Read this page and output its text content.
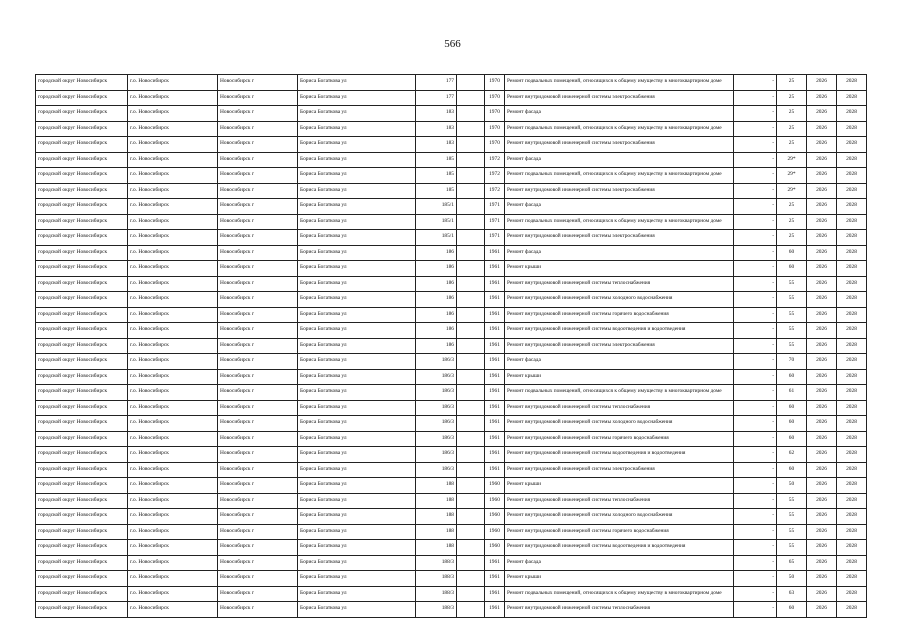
566
городской округ Новосибирск	г.о. Новосибирск	Новосибирск г	Бориса Богаткова ул	177		1970	Ремонт подвальных помещений, относящихся к общему имуществу в многоквартирном доме	-	25	2026	2028
городской округ Новосибирск	г.о. Новосибирск	Новосибирск г	Бориса Богаткова ул	177		1970	Ремонт внутридомовой инженерной системы электроснабжения	-	25	2026	2028
городской округ Новосибирск	г.о. Новосибирск	Новосибирск г	Бориса Богаткова ул	183		1970	Ремонт фасада	-	25	2026	2028
городской округ Новосибирск	г.о. Новосибирск	Новосибирск г	Бориса Богаткова ул	183		1970	Ремонт подвальных помещений, относящихся к общему имуществу в многоквартирном доме	-	25	2026	2028
городской округ Новосибирск	г.о. Новосибирск	Новосибирск г	Бориса Богаткова ул	183		1970	Ремонт внутридомовой инженерной системы электроснабжения	-	25	2026	2028
городской округ Новосибирск	г.о. Новосибирск	Новосибирск г	Бориса Богаткова ул	185		1972	Ремонт фасада	-	29*	2026	2028
городской округ Новосибирск	г.о. Новосибирск	Новосибирск г	Бориса Богаткова ул	185		1972	Ремонт подвальных помещений, относящихся к общему имуществу в многоквартирном доме	-	29*	2026	2028
городской округ Новосибирск	г.о. Новосибирск	Новосибирск г	Бориса Богаткова ул	185		1972	Ремонт внутридомовой инженерной системы электроснабжения	-	29*	2026	2028
городской округ Новосибирск	г.о. Новосибирск	Новосибирск г	Бориса Богаткова ул	185/1		1971	Ремонт фасада	-	25	2026	2028
городской округ Новосибирск	г.о. Новосибирск	Новосибирск г	Бориса Богаткова ул	185/1		1971	Ремонт подвальных помещений, относящихся к общему имуществу в многоквартирном доме	-	25	2026	2028
городской округ Новосибирск	г.о. Новосибирск	Новосибирск г	Бориса Богаткова ул	185/1		1971	Ремонт внутридомовой инженерной системы электроснабжения	-	25	2026	2028
городской округ Новосибирск	г.о. Новосибирск	Новосибирск г	Бориса Богаткова ул	186		1961	Ремонт фасада	-	60	2026	2028
городской округ Новосибирск	г.о. Новосибирск	Новосибирск г	Бориса Богаткова ул	186		1961	Ремонт крыши	-	60	2026	2028
городской округ Новосибирск	г.о. Новосибирск	Новосибирск г	Бориса Богаткова ул	186		1961	Ремонт внутридомовой инженерной системы теплоснабжения	-	55	2026	2028
городской округ Новосибирск	г.о. Новосибирск	Новосибирск г	Бориса Богаткова ул	186		1961	Ремонт внутридомовой инженерной системы холодного водоснабжения	-	55	2026	2028
городской округ Новосибирск	г.о. Новосибирск	Новосибирск г	Бориса Богаткова ул	186		1961	Ремонт внутридомовой инженерной системы горячего водоснабжения	-	55	2026	2028
городской округ Новосибирск	г.о. Новосибирск	Новосибирск г	Бориса Богаткова ул	186		1961	Ремонт внутридомовой инженерной системы водоотведения и водоотведения	-	55	2026	2028
городской округ Новосибирск	г.о. Новосибирск	Новосибирск г	Бориса Богаткова ул	186		1961	Ремонт внутридомовой инженерной системы электроснабжения	-	55	2026	2028
городской округ Новосибирск	г.о. Новосибирск	Новосибирск г	Бориса Богаткова ул	186/3		1961	Ремонт фасада	-	70	2026	2028
городской округ Новосибирск	г.о. Новосибирск	Новосибирск г	Бориса Богаткова ул	186/3		1961	Ремонт крыши	-	60	2026	2028
городской округ Новосибирск	г.о. Новосибирск	Новосибирск г	Бориса Богаткова ул	186/3		1961	Ремонт подвальных помещений, относящихся к общему имуществу в многоквартирном доме	-	61	2026	2028
городской округ Новосибирск	г.о. Новосибирск	Новосибирск г	Бориса Богаткова ул	186/3		1961	Ремонт внутридомовой инженерной системы теплоснабжения	-	60	2026	2028
городской округ Новосибирск	г.о. Новосибирск	Новосибирск г	Бориса Богаткова ул	186/3		1961	Ремонт внутридомовой инженерной системы холодного водоснабжения	-	60	2026	2028
городской округ Новосибирск	г.о. Новосибирск	Новосибирск г	Бориса Богаткова ул	186/3		1961	Ремонт внутридомовой инженерной системы горячего водоснабжения	-	60	2026	2028
городской округ Новосибирск	г.о. Новосибирск	Новосибирск г	Бориса Богаткова ул	186/3		1961	Ремонт внутридомовой инженерной системы водоотведения и водоотведения	-	62	2026	2028
городской округ Новосибирск	г.о. Новосибирск	Новосибирск г	Бориса Богаткова ул	186/3		1961	Ремонт внутридомовой инженерной системы электроснабжения	-	60	2026	2028
городской округ Новосибирск	г.о. Новосибирск	Новосибирск г	Бориса Богаткова ул	188		1960	Ремонт крыши	-	50	2026	2028
городской округ Новосибирск	г.о. Новосибирск	Новосибирск г	Бориса Богаткова ул	188		1960	Ремонт внутридомовой инженерной системы теплоснабжения	-	55	2026	2028
городской округ Новосибирск	г.о. Новосибирск	Новосибирск г	Бориса Богаткова ул	188		1960	Ремонт внутридомовой инженерной системы холодного водоснабжения	-	55	2026	2028
городской округ Новосибирск	г.о. Новосибирск	Новосибирск г	Бориса Богаткова ул	188		1960	Ремонт внутридомовой инженерной системы горячего водоснабжения	-	55	2026	2028
городской округ Новосибирск	г.о. Новосибирск	Новосибирск г	Бориса Богаткова ул	188		1960	Ремонт внутридомовой инженерной системы водоотведения и водоотведения	-	55	2026	2028
городской округ Новосибирск	г.о. Новосибирск	Новосибирск г	Бориса Богаткова ул	188/3		1961	Ремонт фасада	-	65	2026	2028
городской округ Новосибирск	г.о. Новосибирск	Новосибирск г	Бориса Богаткова ул	188/3		1961	Ремонт крыши	-	50	2026	2028
городской округ Новосибирск	г.о. Новосибирск	Новосибирск г	Бориса Богаткова ул	188/3		1961	Ремонт подвальных помещений, относящихся к общему имуществу в многоквартирном доме	-	63	2026	2028
городской округ Новосибирск	г.о. Новосибирск	Новосибирск г	Бориса Богаткова ул	188/3		1961	Ремонт внутридомовой инженерной системы теплоснабжения	-	60	2026	2028
